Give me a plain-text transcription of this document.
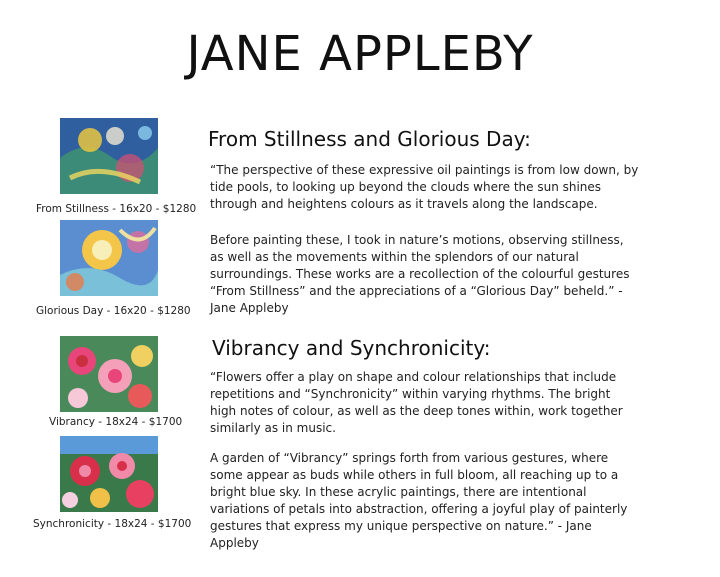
JANE APPLEBY
From Stillness - 16x20 - $1280
Glorious Day - 16x20 - $1280
Vibrancy - 18x24 - $1700
Synchronicity - 18x24 - $1700
From Stillness and Glorious Day:

“The perspective of these expressive oil paintings is from low down, by tide pools, to looking up beyond the clouds where the sun shines through and heightens colours as it travels along the landscape.

Before painting these, I took in nature’s motions, observing stillness, as well as the movements within the splendors of our natural surroundings. These works are a recollection of the colourful gestures “From Stillness” and the appreciations of a “Glorious Day” beheld.” - Jane Appleby

Vibrancy and Synchronicity:

“Flowers offer a play on shape and colour relationships that include repetitions and “Synchronicity” within varying rhythms. The bright high notes of colour, as well as the deep tones within, work together similarly as in music.

A garden of “Vibrancy” springs forth from various gestures, where some appear as buds while others in full bloom, all reaching up to a bright blue sky. In these acrylic paintings, there are intentional variations of petals into abstraction, offering a joyful play of painterly gestures that express my unique perspective on nature.” - Jane Appleby
